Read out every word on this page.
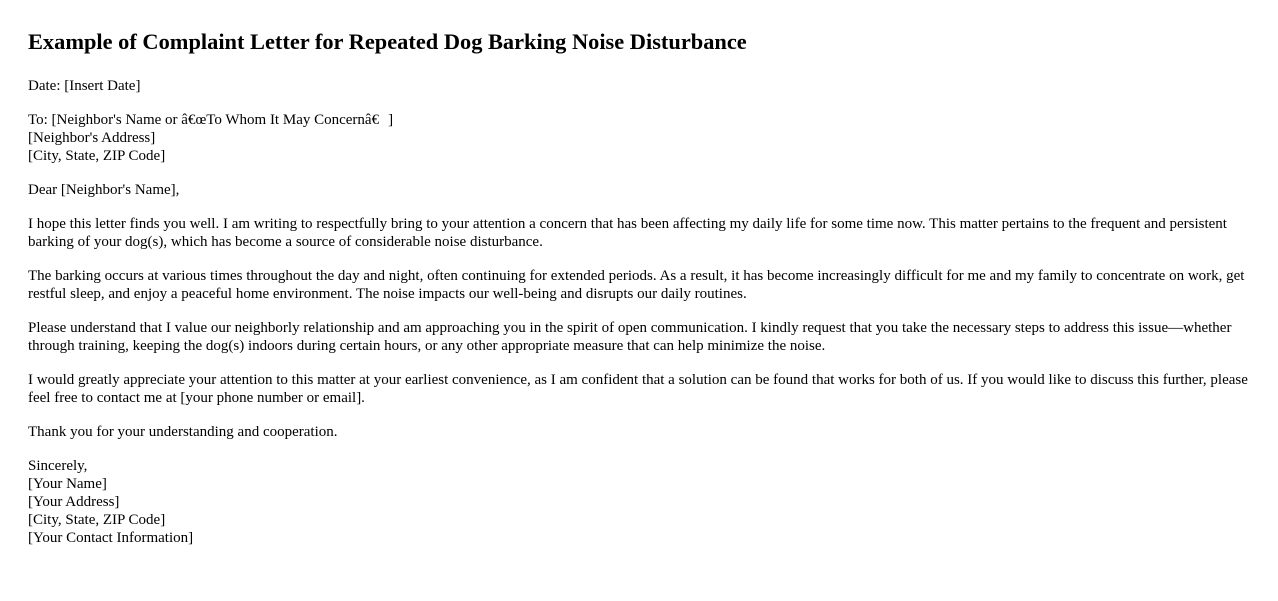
Example of Complaint Letter for Repeated Dog Barking Noise Disturbance

Date: [Insert Date]

To: [Neighbor's Name or â€œTo Whom It May Concernâ€]
[Neighbor's Address]
[City, State, ZIP Code]

Dear [Neighbor's Name],

I hope this letter finds you well. I am writing to respectfully bring to your attention a concern that has been affecting my daily life for some time now. This matter pertains to the frequent and persistent barking of your dog(s), which has become a source of considerable noise disturbance.

The barking occurs at various times throughout the day and night, often continuing for extended periods. As a result, it has become increasingly difficult for me and my family to concentrate on work, get restful sleep, and enjoy a peaceful home environment. The noise impacts our well-being and disrupts our daily routines.

Please understand that I value our neighborly relationship and am approaching you in the spirit of open communication. I kindly request that you take the necessary steps to address this issue—whether through training, keeping the dog(s) indoors during certain hours, or any other appropriate measure that can help minimize the noise.

I would greatly appreciate your attention to this matter at your earliest convenience, as I am confident that a solution can be found that works for both of us. If you would like to discuss this further, please feel free to contact me at [your phone number or email].

Thank you for your understanding and cooperation.

Sincerely,
[Your Name]
[Your Address]
[City, State, ZIP Code]
[Your Contact Information]
